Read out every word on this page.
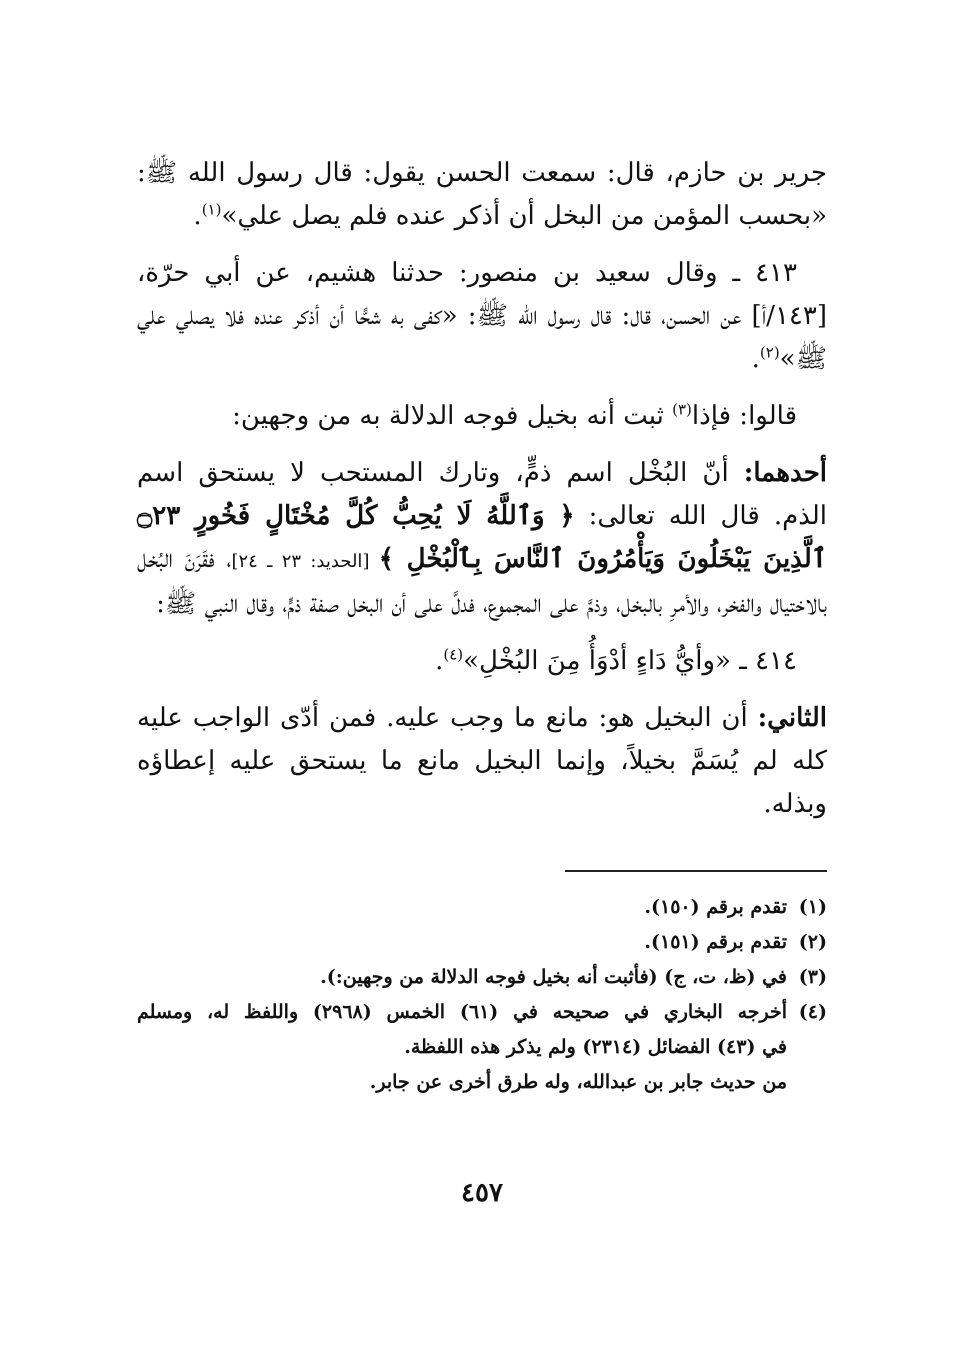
جرير بن حازم، قال: سمعت الحسن يقول: قال رسول الله ﷺ: «بحسب المؤمن من البخل أن أذكر عنده فلم يصل علي»$^{(١)}$.

٤١٣ ـ وقال سعيد بن منصور: حدثنا هشيم، عن أبي حرّة، [١٤٣/أ] عن الحسن، قال: قال رسول الله ﷺ: «كفى به شحًّا أن أذكر عنده فلا يصلي علي ﷺ»$^{(٢)}$.

قالوا: فإذا$^{(٣)}$ ثبت أنه بخيل فوجه الدلالة به من وجهين:

أحدهما: أنّ البُخْل اسم ذمٍّ، وتارك المستحب لا يستحق اسم الذم. قال الله تعالى: ﴿ وَٱللَّهُ لَا يُحِبُّ كُلَّ مُخْتَالٍ فَخُورٍ ۝٢٣ ٱلَّذِينَ يَبْخَلُونَ وَيَأْمُرُونَ ٱلنَّاسَ بِٱلْبُخْلِ ﴾ [الحديد: ٢٣ ـ ٢٤]، فقَرَنَ البُخل بالاختيال والفخر، والأمرِ بالبخل، وذمَّ على المجموع، فدلَّ على أن البخل صفة ذمٍّ، وقال النبي ﷺ:

٤١٤ ـ «وأيُّ دَاءٍ أدْوَأُ مِنَ البُخْلِ»$^{(٤)}$.

الثاني: أن البخيل هو: مانع ما وجب عليه. فمن أدّى الواجب عليه كله لم يُسَمَّ بخيلاً، وإنما البخيل مانع ما يستحق عليه إعطاؤه وبذله.

(١)
تقدم برقم (١٥٠).
(٢)
تقدم برقم (١٥١).
(٣)
في (ظ، ت، ج) (فأثبت أنه بخيل فوجه الدلالة من وجهين:).
(٤)
أخرجه البخاري في صحيحه في (٦١) الخمس (٢٩٦٨) واللفظ له، ومسلم
في (٤٣) الفضائل (٢٣١٤) ولم يذكر هذه اللفظة.
من حديث جابر بن عبدالله، وله طرق أخرى عن جابر.
٤٥٧
